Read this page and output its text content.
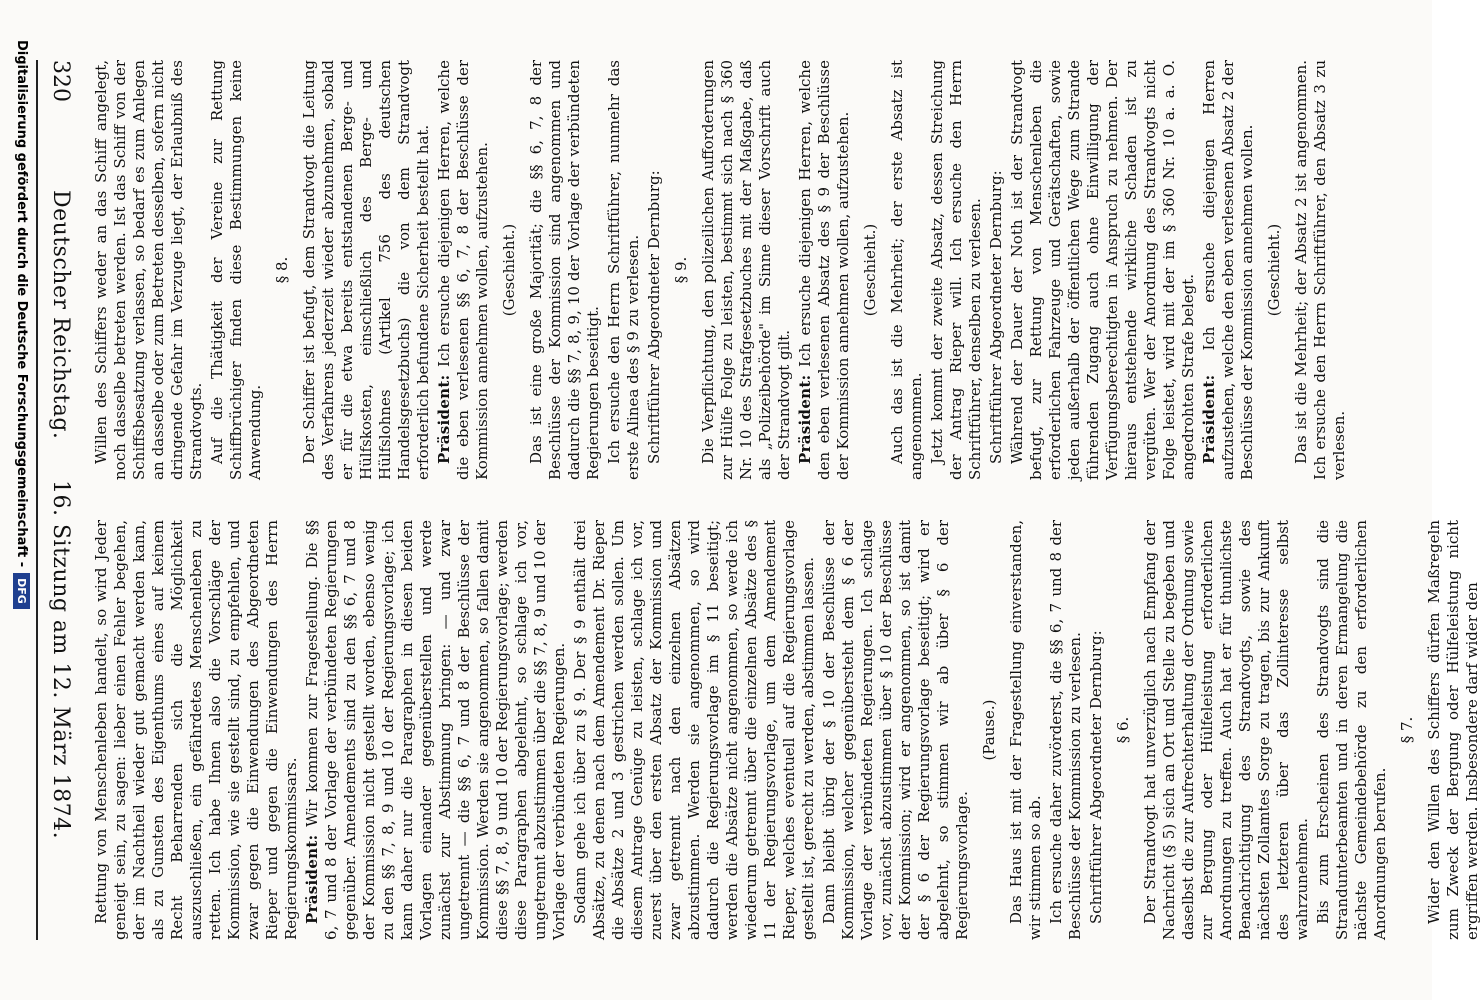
320
Deutscher Reichstag.
16. Sitzung am 12. März 1874.	Rettung von Menschenleben handelt, so wird Jeder geneigt sein, zu sagen: lieber einen Fehler begehen, der im Nachtheil wieder gut gemacht werden kann, als zu Gunsten des Eigenthums eines auf keinem Recht Beharrenden sich die Möglichkeit auszuschließen, ein gefährdetes Menschenleben zu retten. Ich habe Ihnen also die Vorschläge der Kommission, wie sie gestellt sind, zu empfehlen, und zwar gegen die Einwendungen des Abgeordneten Rieper und gegen die Einwendungen des Herrn Regierungskommissars. Präsident: Wir kommen zur Fragestellung. Die §§ 6, 7 und 8 der Vorlage der verbündeten Regierungen gegenüber. Amendements sind zu den §§ 6, 7 und 8 der Kommission nicht gestellt worden, ebenso wenig zu den §§ 7, 8, 9 und 10 der Regierungsvorlage; ich kann daher nur die Paragraphen in diesen beiden Vorlagen einander gegenüberstellen und werde zunächst zur Abstimmung bringen: — und zwar ungetrennt — die §§ 6, 7 und 8 der Beschlüsse der Kommission. Werden sie angenommen, so fallen damit diese §§ 7, 8, 9 und 10 der Regierungsvorlage; werden diese Paragraphen abgelehnt, so schlage ich vor, ungetrennt abzustimmen über die §§ 7, 8, 9 und 10 der Vorlage der verbündeten Regierungen. Sodann gehe ich über zu § 9. Der § 9 enthält drei Absätze, zu denen nach dem Amendement Dr. Rieper die Absätze 2 und 3 gestrichen werden sollen. Um diesem Antrage Genüge zu leisten, schlage ich vor, zuerst über den ersten Absatz der Kommission und zwar getrennt nach den einzelnen Absätzen abzustimmen. Werden sie angenommen, so wird dadurch die Regierungsvorlage im § 11 beseitigt; werden die Absätze nicht angenommen, so werde ich wiederum getrennt über die einzelnen Absätze des § 11 der Regierungsvorlage, um dem Amendement Rieper, welches eventuell auf die Regierungsvorlage gestellt ist, gerecht zu werden, abstimmen lassen. Dann bleibt übrig der § 10 der Beschlüsse der Kommission, welcher gegenübersteht dem § 6 der Vorlage der verbündeten Regierungen. Ich schlage vor, zunächst abzustimmen über § 10 der Beschlüsse der Kommission; wird er angenommen, so ist damit der § 6 der Regierungsvorlage beseitigt; wird er abgelehnt, so stimmen wir ab über § 6 der Regierungsvorlage.

(Pause.) Das Haus ist mit der Fragestellung einverstanden, wir stimmen so ab. Ich ersuche daher zuvörderst, die §§ 6, 7 und 8 der Beschlüsse der Kommission zu verlesen. Schriftführer Abgeordneter Dernburg: § 6. Der Strandvogt hat unverzüglich nach Empfang der Nachricht (§ 5) sich an Ort und Stelle zu begeben und daselbst die zur Aufrechterhaltung der Ordnung sowie zur Bergung oder Hülfeleistung erforderlichen Anordnungen zu treffen. Auch hat er für thunlichste Benachrichtigung des Strandvogts, sowie des nächsten Zollamtes Sorge zu tragen, bis zur Ankunft des letzteren über das Zollinteresse selbst wahrzunehmen. Bis zum Erscheinen des Strandvogts sind die Strandunterbeamten und in deren Ermangelung die nächste Gemeindebehörde zu den erforderlichen Anordnungen berufen.

§ 7. Wider den Willen des Schiffers dürfen Maßregeln zum Zweck der Bergung oder Hülfeleistung nicht ergriffen werden. Insbesondere darf wider den

Willen des Schiffers weder an das Schiff angelegt, noch dasselbe betreten werden. Ist das Schiff von der Schiffsbesatzung verlassen, so bedarf es zum Anlegen an dasselbe oder zum Betreten desselben, sofern nicht dringende Gefahr im Verzuge liegt, der Erlaubniß des Strandvogts. Auf die Thätigkeit der Vereine zur Rettung Schiffbrüchiger finden diese Bestimmungen keine Anwendung.

§ 8. Der Schiffer ist befugt, dem Strandvogt die Leitung des Verfahrens jederzeit wieder abzunehmen, sobald er für die etwa bereits entstandenen Berge- und Hülfskosten, einschließlich des Berge- und Hülfslohnes (Artikel 756 des deutschen Handelsgesetzbuchs) die von dem Strandvogt erforderlich befundene Sicherheit bestellt hat. Präsident: Ich ersuche diejenigen Herren, welche die eben verlesenen §§ 6, 7, 8 der Beschlüsse der Kommission annehmen wollen, aufzustehen. (Geschieht.) Das ist eine große Majorität; die §§ 6, 7, 8 der Beschlüsse der Kommission sind angenommen und dadurch die §§ 7, 8, 9, 10 der Vorlage der verbündeten Regierungen beseitigt. Ich ersuche den Herrn Schriftführer, nunmehr das erste Alinea des § 9 zu verlesen. Schriftführer Abgeordneter Dernburg: § 9. Die Verpflichtung, den polizeilichen Aufforderungen zur Hülfe Folge zu leisten, bestimmt sich nach § 360 Nr. 10 des Strafgesetzbuches mit der Maßgabe, daß als „Polizeibehörde" im Sinne dieser Vorschrift auch der Strandvogt gilt. Präsident: Ich ersuche diejenigen Herren, welche den eben verlesenen Absatz des § 9 der Beschlüsse der Kommission annehmen wollen, aufzustehen. (Geschieht.) Auch das ist die Mehrheit; der erste Absatz ist angenommen. Jetzt kommt der zweite Absatz, dessen Streichung der Antrag Rieper will. Ich ersuche den Herrn Schriftführer, denselben zu verlesen. Schriftführer Abgeordneter Dernburg: Während der Dauer der Noth ist der Strandvogt befugt, zur Rettung von Menschenleben die erforderlichen Fahrzeuge und Gerätschaften, sowie jeden außerhalb der öffentlichen Wege zum Strande führenden Zugang auch ohne Einwilligung der Verfügungsberechtigten in Anspruch zu nehmen. Der hieraus entstehende wirkliche Schaden ist zu vergüten. Wer der Anordnung des Strandvogts nicht Folge leistet, wird mit der im § 360 Nr. 10 a. a. O. angedrohten Strafe belegt. Präsident: Ich ersuche diejenigen Herren aufzustehen, welche den eben verlesenen Absatz 2 der Beschlüsse der Kommission annehmen wollen. (Geschieht.) Das ist die Mehrheit; der Absatz 2 ist angenommen. Ich ersuche den Herrn Schriftführer, den Absatz 3 zu verlesen.

Digitalisierung gefördert durch die Deutsche Forschungsgemeinschaft -DFG
